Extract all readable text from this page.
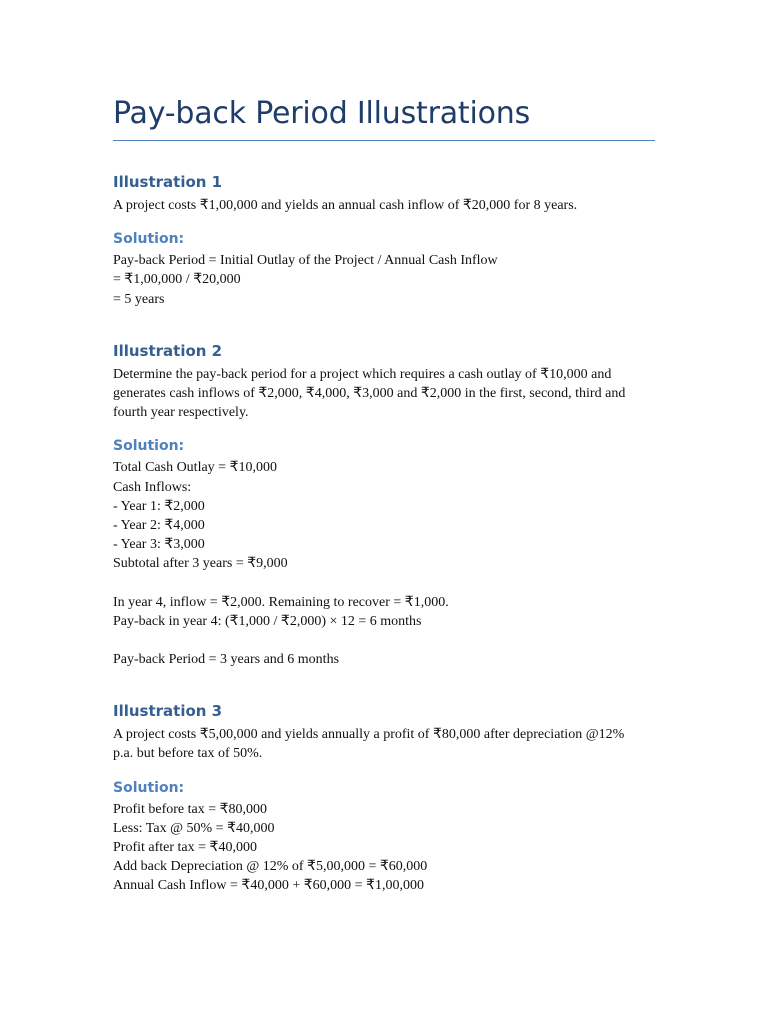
Pay-back Period Illustrations
Illustration 1

A project costs ₹1,00,000 and yields an annual cash inflow of ₹20,000 for 8 years.

Solution:

Pay-back Period = Initial Outlay of the Project / Annual Cash Inflow
= ₹1,00,000 / ₹20,000
= 5 years

Illustration 2

Determine the pay-back period for a project which requires a cash outlay of ₹10,000 and
generates cash inflows of ₹2,000, ₹4,000, ₹3,000 and ₹2,000 in the first, second, third and
fourth year respectively.

Solution:

Total Cash Outlay = ₹10,000
Cash Inflows:
- Year 1: ₹2,000
- Year 2: ₹4,000
- Year 3: ₹3,000
Subtotal after 3 years = ₹9,000

In year 4, inflow = ₹2,000. Remaining to recover = ₹1,000.
Pay-back in year 4: (₹1,000 / ₹2,000) × 12 = 6 months

Pay-back Period = 3 years and 6 months

Illustration 3

A project costs ₹5,00,000 and yields annually a profit of ₹80,000 after depreciation @12%
p.a. but before tax of 50%.

Solution:

Profit before tax = ₹80,000
Less: Tax @ 50% = ₹40,000
Profit after tax = ₹40,000
Add back Depreciation @ 12% of ₹5,00,000 = ₹60,000
Annual Cash Inflow = ₹40,000 + ₹60,000 = ₹1,00,000
